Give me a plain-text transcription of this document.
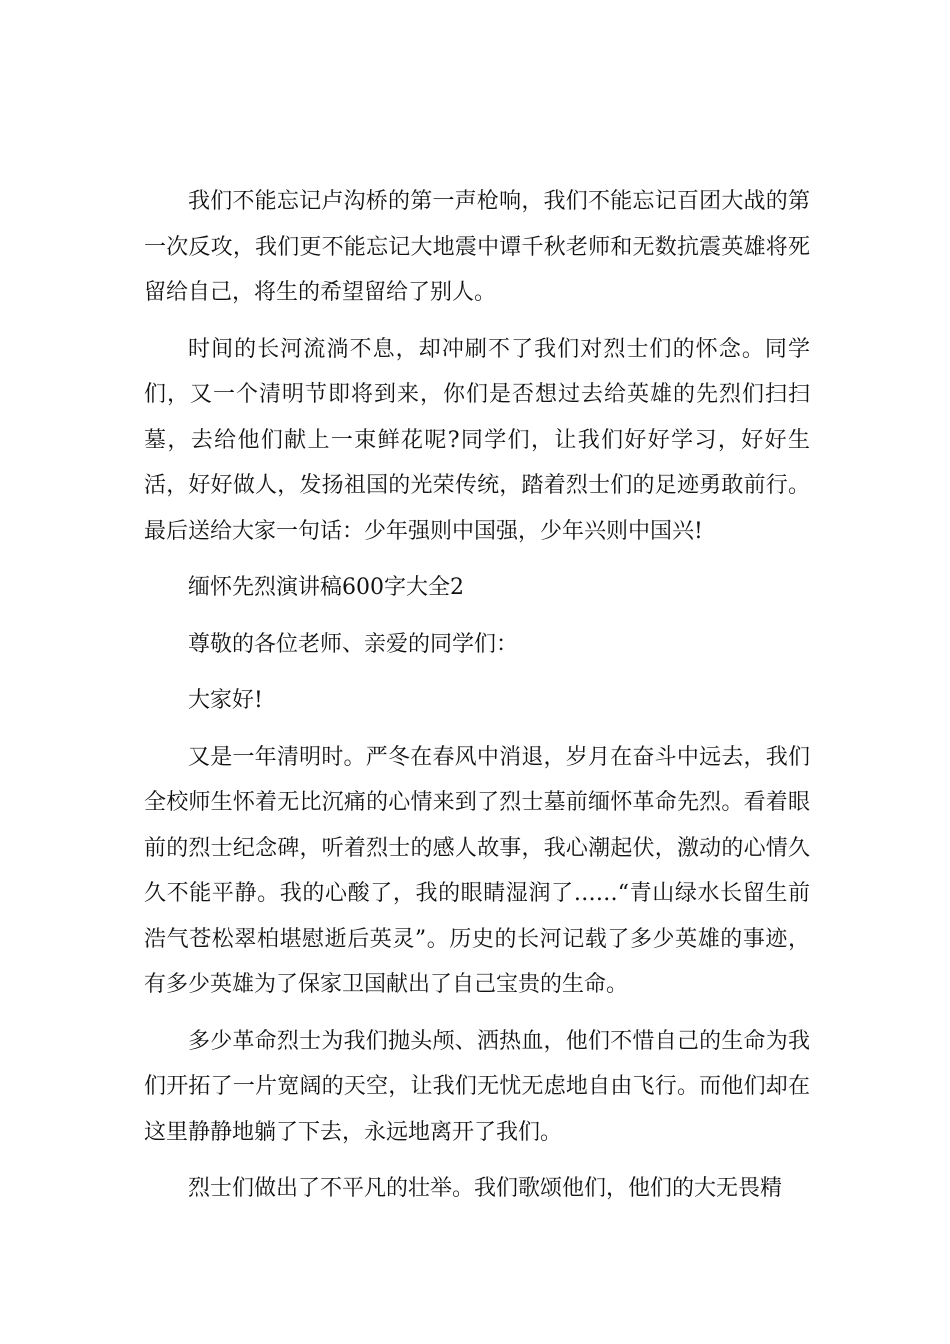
我们不能忘记卢沟桥的第一声枪响，我们不能忘记百团大战的第一次反攻，我们更不能忘记大地震中谭千秋老师和无数抗震英雄将死留给自己，将生的希望留给了别人。

时间的长河流淌不息，却冲刷不了我们对烈士们的怀念。同学们，又一个清明节即将到来，你们是否想过去给英雄的先烈们扫扫墓，去给他们献上一束鲜花呢?同学们，让我们好好学习，好好生活，好好做人，发扬祖国的光荣传统，踏着烈士们的足迹勇敢前行。最后送给大家一句话：少年强则中国强，少年兴则中国兴!

缅怀先烈演讲稿600字大全2

尊敬的各位老师、亲爱的同学们：

大家好!

又是一年清明时。严冬在春风中消退，岁月在奋斗中远去，我们全校师生怀着无比沉痛的心情来到了烈士墓前缅怀革命先烈。看着眼前的烈士纪念碑，听着烈士的感人故事，我心潮起伏，激动的心情久久不能平静。我的心酸了，我的眼睛湿润了……“青山绿水长留生前浩气苍松翠柏堪慰逝后英灵”。历史的长河记载了多少英雄的事迹，有多少英雄为了保家卫国献出了自己宝贵的生命。

多少革命烈士为我们抛头颅、洒热血，他们不惜自己的生命为我们开拓了一片宽阔的天空，让我们无忧无虑地自由飞行。而他们却在这里静静地躺了下去，永远地离开了我们。

烈士们做出了不平凡的壮举。我们歌颂他们，他们的大无畏精
